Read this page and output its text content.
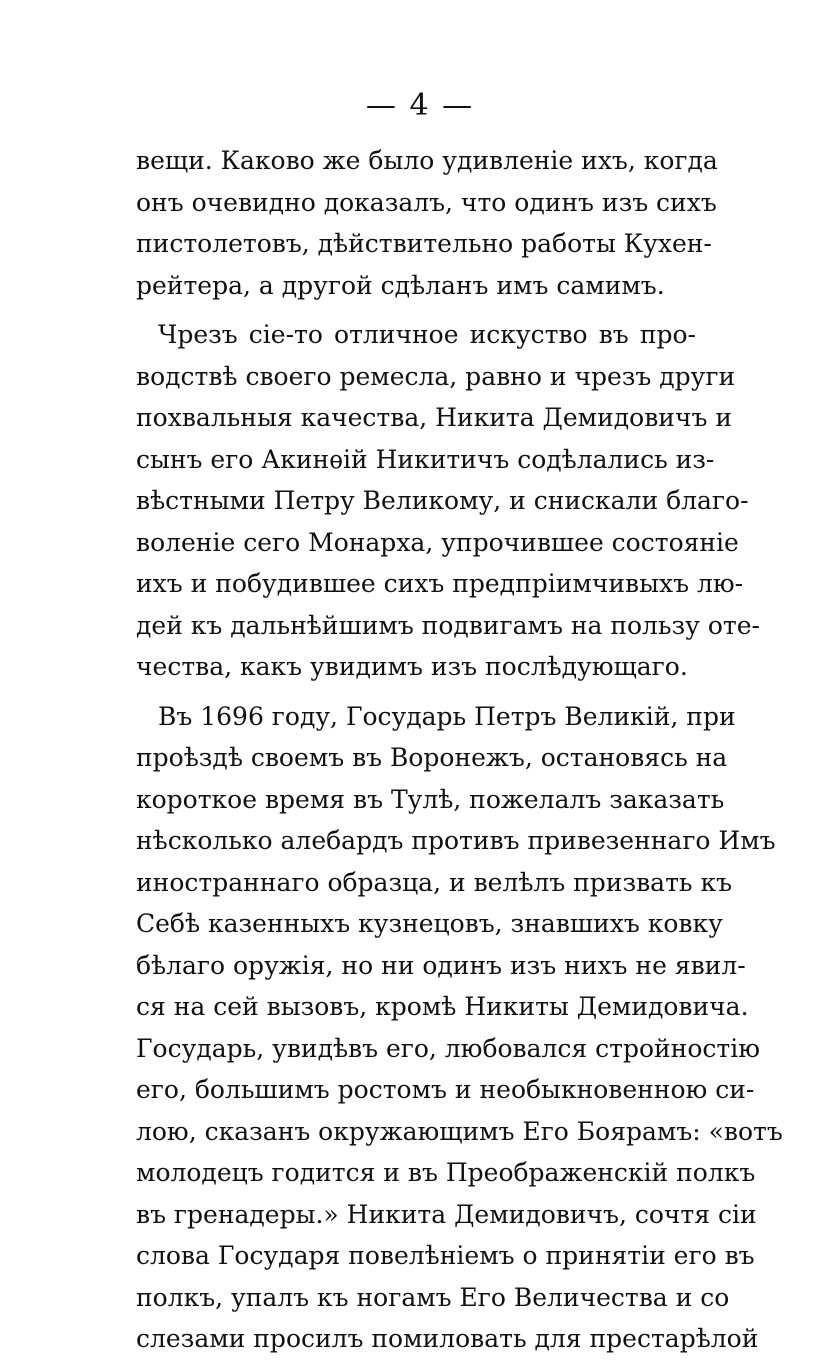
— 4 —
вещи. Каково же было удивленіе ихъ, когда
онъ очевидно доказалъ, что одинъ изъ сихъ
пистолетовъ, дѣйствительно работы Кухен-
рейтера, а другой сдѣланъ имъ самимъ.
Чрезъ сіе-то отличное искуство въ про-
водствѣ своего ремесла, равно и чрезъ други
похвальныя качества, Никита Демидовичъ и
сынъ его Акинѳій Никитичъ содѣлались из-
вѣстными Петру Великому, и снискали благо-
воленіе сего Монарха, упрочившее состояніе
ихъ и побудившее сихъ предпріимчивыхъ лю-
дей къ дальнѣйшимъ подвигамъ на пользу оте-
чества, какъ увидимъ изъ послѣдующаго.
Въ 1696 году, Государь Петръ Великій, при
проѣздѣ своемъ въ Воронежъ, остановясь на
короткое время въ Тулѣ, пожелалъ заказать
нѣсколько алебардъ противъ привезеннаго Имъ
иностраннаго образца, и велѣлъ призвать къ
Себѣ казенныхъ кузнецовъ, знавшихъ ковку
бѣлаго оружія, но ни одинъ изъ нихъ не явил-
ся на сей вызовъ, кромѣ Никиты Демидовича.
Государь, увидѣвъ его, любовался стройностію
его, большимъ ростомъ и необыкновенною си-
лою, сказанъ окружающимъ Его Боярамъ: «вотъ
молодецъ годится и въ Преображенскій полкъ
въ гренадеры.» Никита Демидовичъ, сочтя сіи
слова Государя повелѣніемъ о принятіи его въ
полкъ, упалъ къ ногамъ Его Величества и со
слезами просилъ помиловать для престарѣлой
